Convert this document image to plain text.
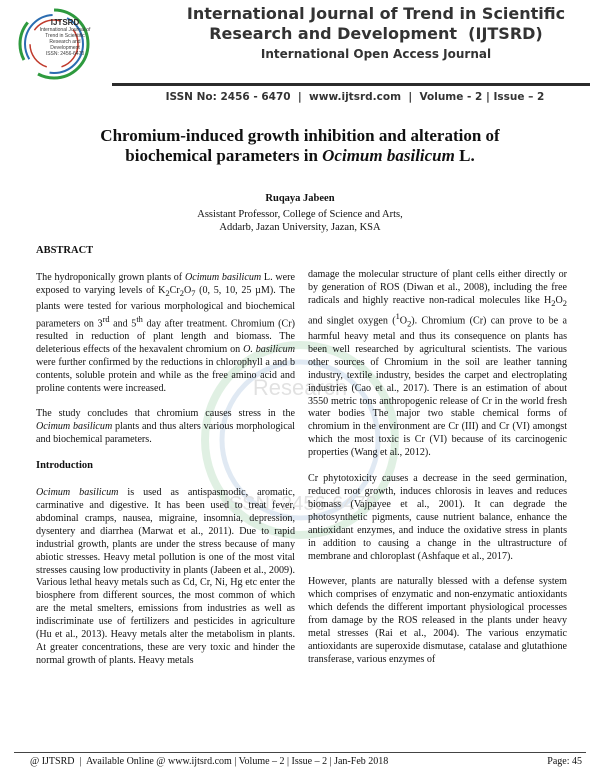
IJTSRD
International Journal of
Trend in Scientific
Research and
Development
ISSN: 2456-6470
International Journal of Trend in Scientific
Research and Development  (IJTSRD)
International Open Access Journal
ISSN No: 2456 - 6470  |  www.ijtsrd.com  |  Volume - 2 | Issue – 2
Chromium-induced growth inhibition and alteration of
biochemical parameters in Ocimum basilicum L.
Ruqaya Jabeen
Assistant Professor, College of Science and Arts,
Addarb, Jazan University, Jazan, KSA
Research
ISSN: 2456-6470
ABSTRACT

The hydroponically grown plants of Ocimum basilicum L. were exposed to varying levels of $K_2Cr_2O_7$ (0, 5, 10, 25 µM). The plants were tested for various morphological and biochemical parameters on 3rd and 5th day after treatment. Chromium (Cr) resulted in reduction of plant length and biomass. The deleterious effects of the hexavalent chromium on O. basilicum were further confirmed by the reductions in chlorophyll a and b contents, soluble protein and while as the free amino acid and proline contents were increased.

The study concludes that chromium causes stress in the Ocimum basilicum plants and thus alters various morphological and biochemical parameters.

Introduction

Ocimum basilicum is used as antispasmodic, aromatic, carminative and digestive. It has been used to treat fever, abdominal cramps, nausea, migraine, insomnia, depression, dysentery and diarrhea (Marwat et al., 2011). Due to rapid industrial growth, plants are under the stress because of many abiotic stresses. Heavy metal pollution is one of the most vital stresses causing low productivity in plants (Jabeen et al., 2009). Various lethal heavy metals such as Cd, Cr, Ni, Hg etc enter the biosphere from different sources, the most common of which are the metal smelters, emissions from industries as well as indiscriminate use of fertilizers and pesticides in agriculture (Hu et al., 2013). Heavy metals alter the metabolism in plants. At greater concentrations, these are very toxic and hinder the normal growth of plants. Heavy metals

damage the molecular structure of plant cells either directly or by generation of ROS (Diwan et al., 2008), including the free radicals and highly reactive non-radical molecules like $H_2O_2$ and singlet oxygen $(^1O_2)$. Chromium (Cr) can prove to be a harmful heavy metal and thus its consequence on plants has been well researched by agricultural scientists. The various other sources of Chromium in the soil are leather tanning industry, textile industry, besides the carpet and electroplating industries (Cao et al., 2017). There is an estimation of about 3550 metric tons anthropogenic release of Cr in the world fresh water bodies The major two stable chemical forms of chromium in the environment are Cr (III) and Cr (VI) amongst which the most toxic is Cr (VI) because of its carcinogenic properties (Wang et al., 2012).

Cr phytotoxicity causes a decrease in the seed germination, reduced root growth, induces chlorosis in leaves and reduces biomass (Vajpayee et al., 2001). It can degrade the photosynthetic pigments, cause nutrient balance, enhance the antioxidant enzymes, and induce the oxidative stress in plants in addition to causing a change in the ultrastructure of membrane and chloroplast (Ashfaque et al., 2017).

However, plants are naturally blessed with a defense system which comprises of enzymatic and non-enzymatic antioxidants which defends the different important physiological processes from damage by the ROS released in the plants under heavy metal stresses (Rai et al., 2004). The various enzymatic antioxidants are superoxide dismutase, catalase and glutathione transferase, various enzymes of

@ IJTSRD  |  Available Online @ www.ijtsrd.com | Volume – 2 | Issue – 2 | Jan-Feb 2018	Page: 45
